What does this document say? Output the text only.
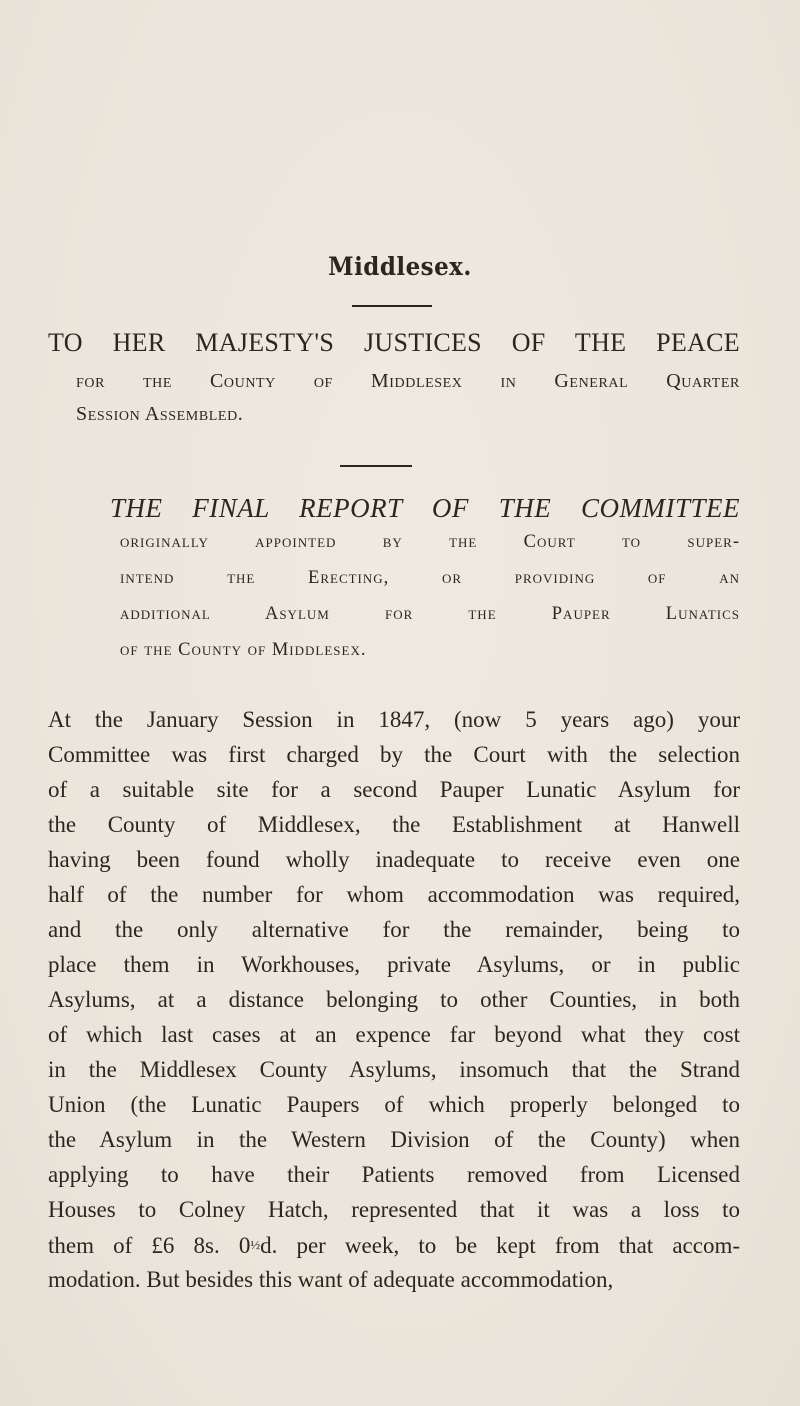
Middlesex.
TO HER MAJESTY'S JUSTICES OF THE PEACE
for the County of Middlesex in General Quarter
Session Assembled.
THE FINAL REPORT OF THE COMMITTEE
originally appointed by the Court to super-
intend the Erecting, or providing of an
additional Asylum for the Pauper Lunatics
of the County of Middlesex.
At the January Session in 1847, (now 5 years ago) your
Committee was first charged by the Court with the selection
of a suitable site for a second Pauper Lunatic Asylum for
the County of Middlesex, the Establishment at Hanwell
having been found wholly inadequate to receive even one
half of the number for whom accommodation was required,
and the only alternative for the remainder, being to
place them in Workhouses, private Asylums, or in public
Asylums, at a distance belonging to other Counties, in both
of which last cases at an expence far beyond what they cost
in the Middlesex County Asylums, insomuch that the Strand
Union (the Lunatic Paupers of which properly belonged to
the Asylum in the Western Division of the County) when
applying to have their Patients removed from Licensed
Houses to Colney Hatch, represented that it was a loss to
them of £6 8s. 0½d. per week, to be kept from that accom-
modation. But besides this want of adequate accommodation,
